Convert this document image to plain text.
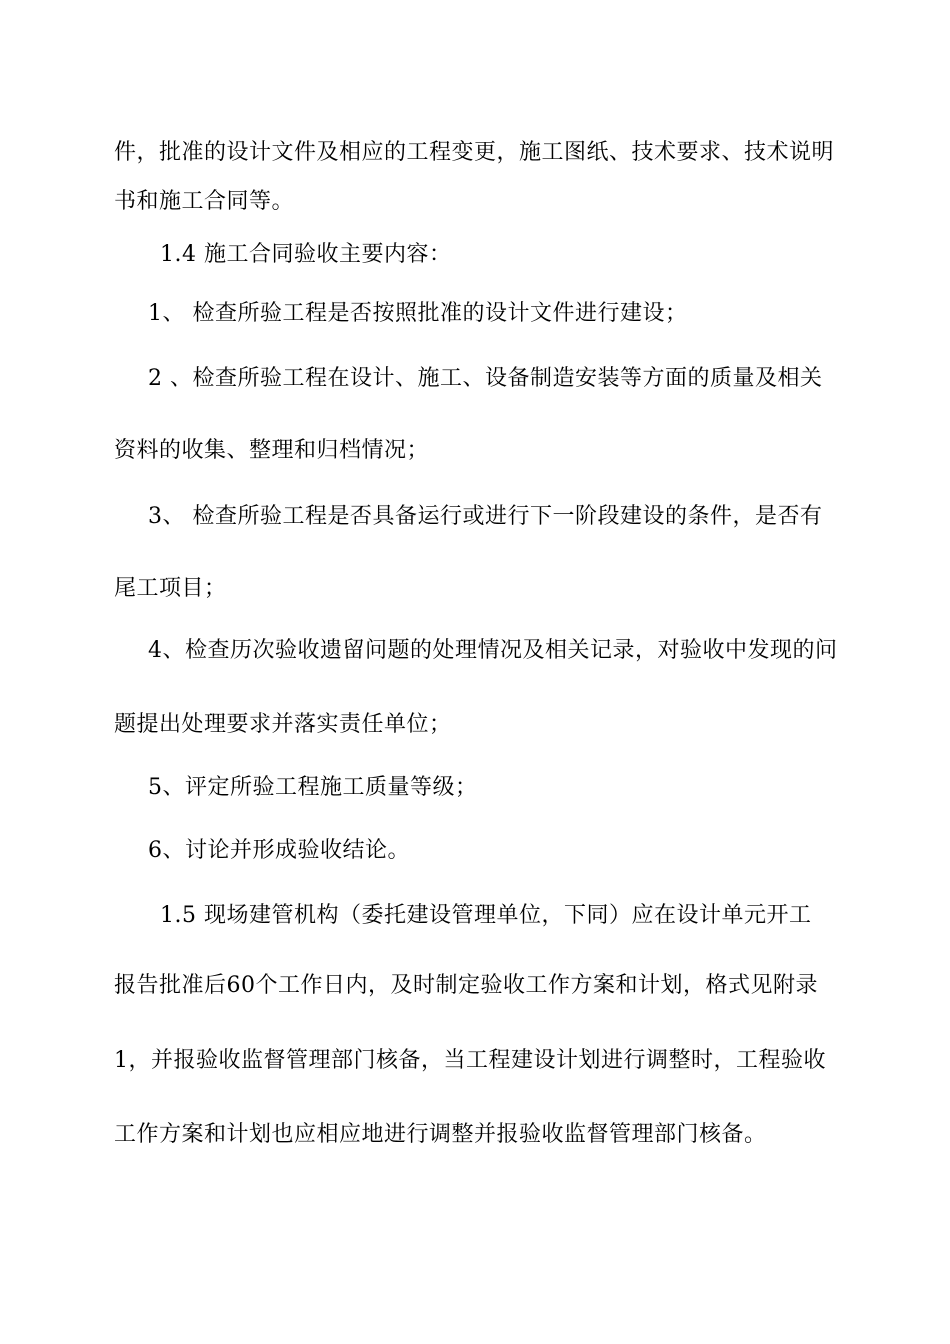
件，批准的设计文件及相应的工程变更，施工图纸、技术要求、技术说明
书和施工合同等。
1.4 施工合同验收主要内容：
1、 检查所验工程是否按照批准的设计文件进行建设；
2 、检查所验工程在设计、施工、设备制造安装等方面的质量及相关
资料的收集、整理和归档情况；
3、 检查所验工程是否具备运行或进行下一阶段建设的条件，是否有
尾工项目；
4、检查历次验收遗留问题的处理情况及相关记录，对验收中发现的问
题提出处理要求并落实责任单位；
5、评定所验工程施工质量等级；
6、讨论并形成验收结论。
1.5 现场建管机构（委托建设管理单位，下同）应在设计单元开工
报告批准后60个工作日内，及时制定验收工作方案和计划，格式见附录
1，并报验收监督管理部门核备，当工程建设计划进行调整时，工程验收
工作方案和计划也应相应地进行调整并报验收监督管理部门核备。
